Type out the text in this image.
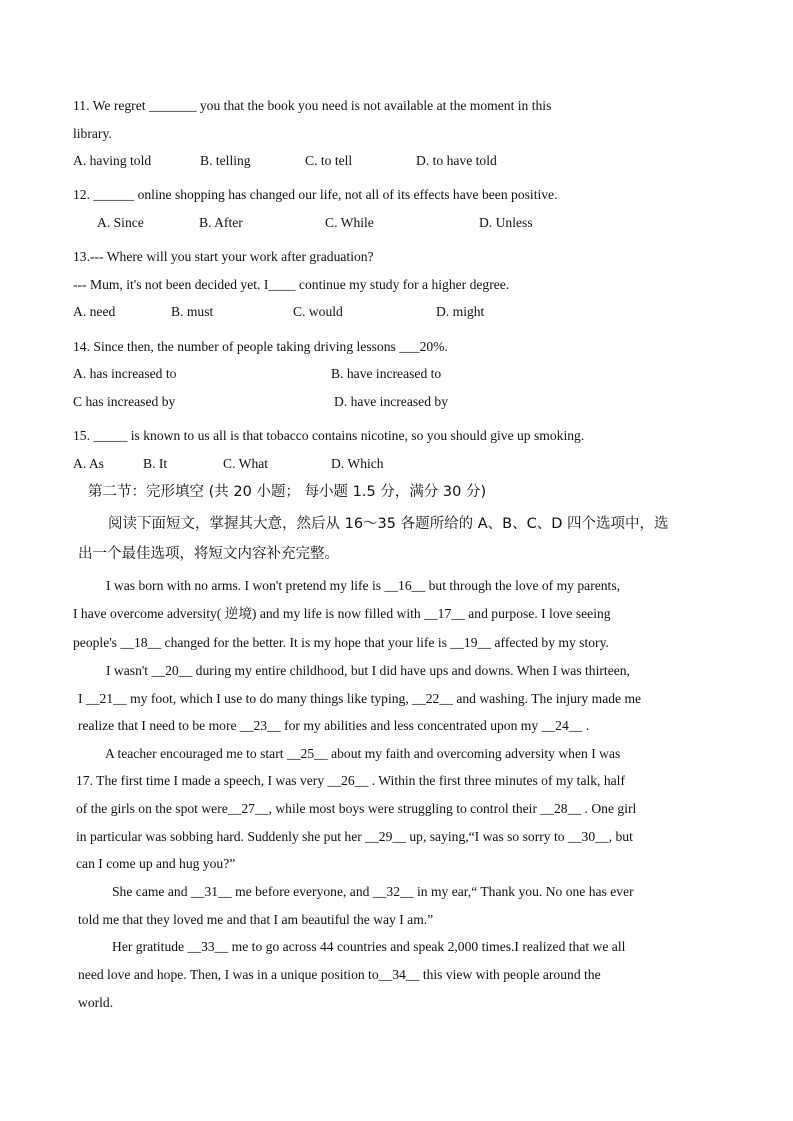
11. We regret _______ you that the book you need is not available at the moment in this
library.
A. having told	B. telling	C. to tell	D. to have told
12. ______ online shopping has changed our life, not all of its effects have been positive.
A. Since	B. After	C. While	D. Unless
13.--- Where will you start your work after graduation?
--- Mum, it's not been decided yet. I____ continue my study for a higher degree.
A. need	B. must	C. would	D. might
14. Since then, the number of people taking driving lessons ___20%.
A. has increased to	B. have increased to
C has increased by	D. have increased by
15. _____ is known to us all is that tobacco contains nicotine, so you should give up smoking.
A. As	B. It	C. What	D. Which
第二节：完形填空 (共 20 小题； 每小题 1.5 分，满分 30 分)
阅读下面短文，掌握其大意，然后从 16～35 各题所给的 A、B、C、D 四个选项中，选
出一个最佳选项，将短文内容补充完整。
I was born with no arms. I won't pretend my life is __16__ but through the love of my parents,
I have overcome adversity( 逆境) and my life is now filled with __17__ and purpose. I love seeing
people's __18__ changed for the better. It is my hope that your life is __19__ affected by my story.
I wasn't __20__ during my entire childhood, but I did have ups and downs. When I was thirteen,
I __21__ my foot, which I use to do many things like typing, __22__ and washing. The injury made me
realize that I need to be more __23__ for my abilities and less concentrated upon my __24__ .
A teacher encouraged me to start __25__ about my faith and overcoming adversity when I was
17. The first time I made a speech, I was very __26__ . Within the first three minutes of my talk, half
of the girls on the spot were__27__, while most boys were struggling to control their __28__ . One girl
in particular was sobbing hard. Suddenly she put her __29__ up, saying,“I was so sorry to __30__, but
can I come up and hug you?”
She came and __31__ me before everyone, and __32__ in my ear,“ Thank you. No one has ever
told me that they loved me and that I am beautiful the way I am.”
Her gratitude __33__ me to go across 44 countries and speak 2,000 times.I realized that we all
need love and hope. Then, I was in a unique position to__34__ this view with people around the
world.
